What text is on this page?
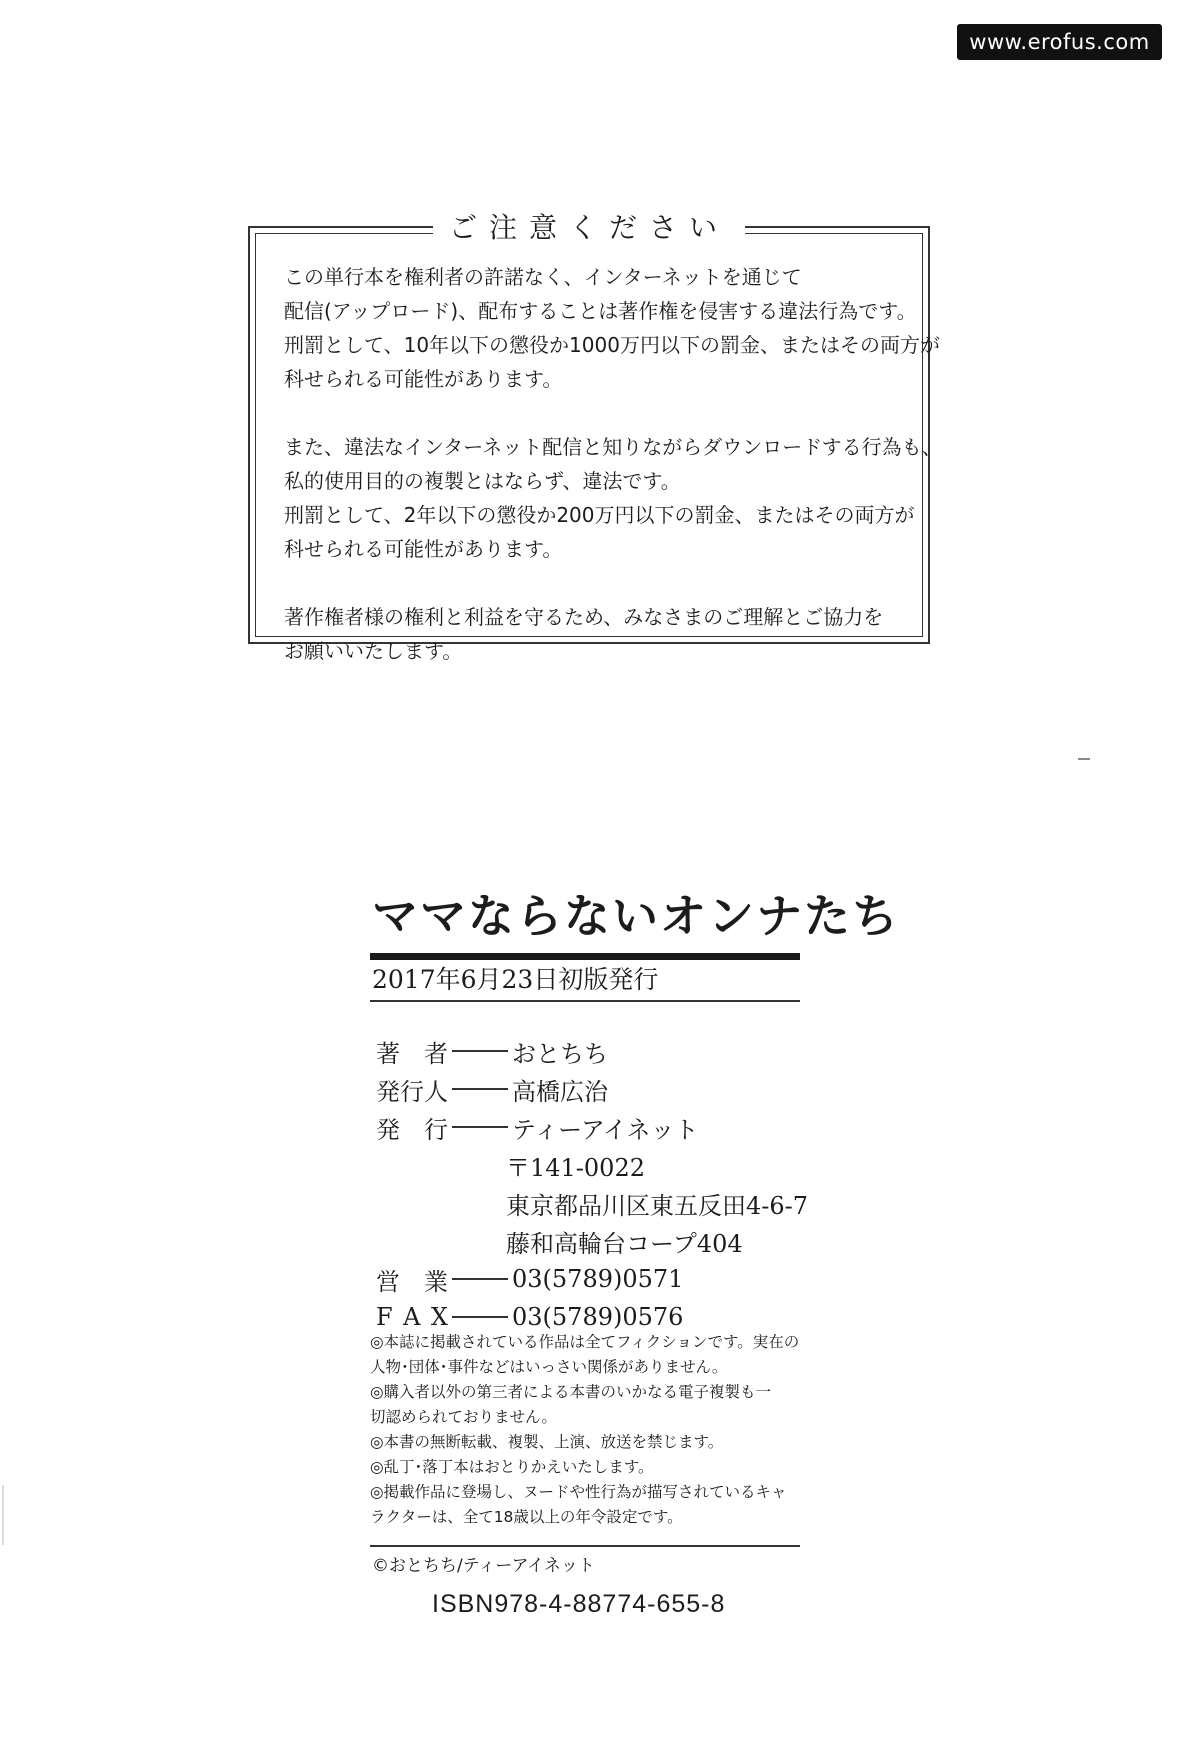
www.erofus.com
ご注意ください

この単行本を権利者の許諾なく、インターネットを通じて
配信(アップロード)、配布することは著作権を侵害する違法行為です。
刑罰として、10年以下の懲役か1000万円以下の罰金、またはその両方が
科せられる可能性があります。

また、違法なインターネット配信と知りながらダウンロードする行為も、
私的使用目的の複製とはならず、違法です。
刑罰として、2年以下の懲役か200万円以下の罰金、またはその両方が
科せられる可能性があります。

著作権者様の権利と利益を守るため、みなさまのご理解とご協力を
お願いいたします。

ママならないオンナたち
2017年6月23日初版発行
著 者	おとちち
発行人	高橋広治
発 行	ティーアイネット
〒141-0022
東京都品川区東五反田4-6-7
藤和高輪台コープ404
営 業	03(5789)0571
F A X	03(5789)0576
◎本誌に掲載されている作品は全てフィクションです。実在の
人物･団体･事件などはいっさい関係がありません。
◎購入者以外の第三者による本書のいかなる電子複製も一
切認められておりません。
◎本書の無断転載、複製、上演、放送を禁じます。
◎乱丁･落丁本はおとりかえいたします。
◎掲載作品に登場し、ヌードや性行為が描写されているキャ
ラクターは、全て18歳以上の年令設定です。
©おとちち/ティーアイネット
ISBN978-4-88774-655-8
